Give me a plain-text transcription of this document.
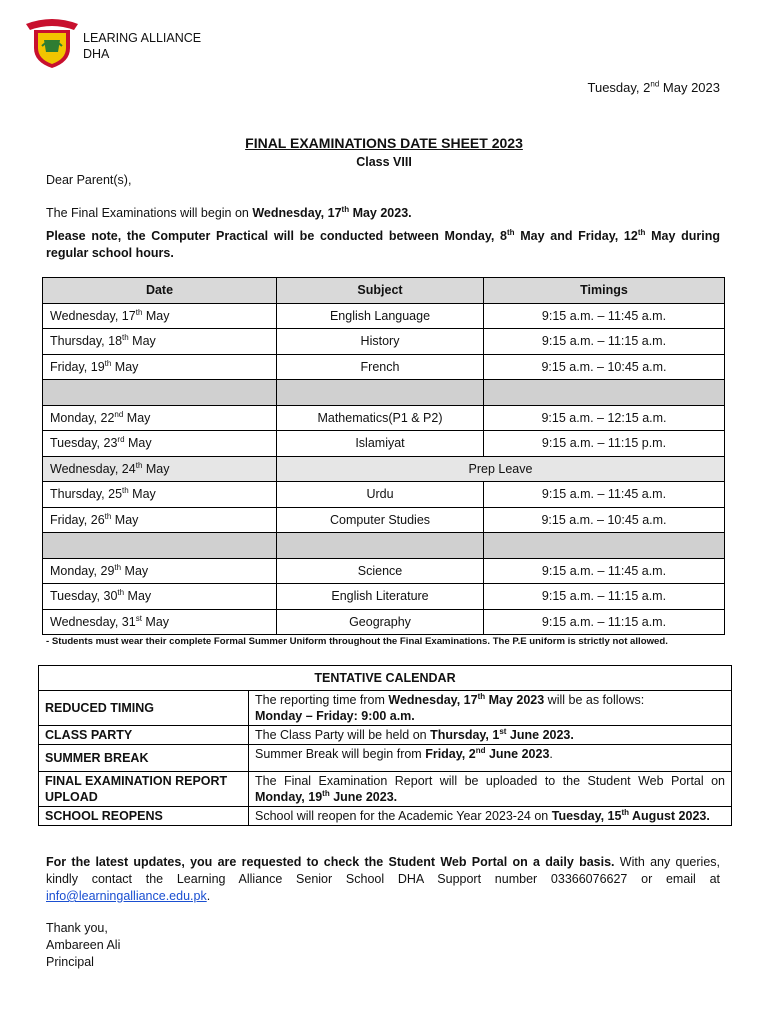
LEARING ALLIANCE
DHA
Tuesday, 2nd May 2023
FINAL EXAMINATIONS DATE SHEET 2023
Class VIII
Dear Parent(s),
The Final Examinations will begin on Wednesday, 17th May 2023.
Please note, the Computer Practical will be conducted between Monday, 8th May and Friday, 12th May during regular school hours.
Date	Subject	Timings
Wednesday, 17th May	English Language	9:15 a.m. – 11:45 a.m.
Thursday, 18th May	History	9:15 a.m. – 11:15 a.m.
Friday, 19th May	French	9:15 a.m. – 10:45 a.m.

Monday, 22nd May	Mathematics(P1 & P2)	9:15 a.m. – 12:15 a.m.
Tuesday, 23rd May	Islamiyat	9:15 a.m. – 11:15 p.m.
Wednesday, 24th May	Prep Leave	
Thursday, 25th May	Urdu	9:15 a.m. – 11:45 a.m.
Friday, 26th May	Computer Studies	9:15 a.m. – 10:45 a.m.

Monday, 29th May	Science	9:15 a.m. – 11:45 a.m.
Tuesday, 30th May	English Literature	9:15 a.m. – 11:15 a.m.
Wednesday, 31st May	Geography	9:15 a.m. – 11:15 a.m.
- Students must wear their complete Formal Summer Uniform throughout the Final Examinations. The P.E uniform is strictly not allowed.
TENTATIVE CALENDAR	
REDUCED TIMING	The reporting time from Wednesday, 17th May 2023 will be as follows:
Monday – Friday: 9:00 a.m.
CLASS PARTY	The Class Party will be held on Thursday, 1st June 2023.
SUMMER BREAK	Summer Break will begin from Friday, 2nd June 2023.
FINAL EXAMINATION REPORT UPLOAD	The Final Examination Report will be uploaded to the Student Web Portal on Monday, 19th June 2023.
SCHOOL REOPENS	School will reopen for the Academic Year 2023-24 on Tuesday, 15th August 2023.
For the latest updates, you are requested to check the Student Web Portal on a daily basis. With any queries, kindly contact the Learning Alliance Senior School DHA Support number 03366076627 or email at info@learningalliance.edu.pk.
Thank you,
Ambareen Ali
Principal
